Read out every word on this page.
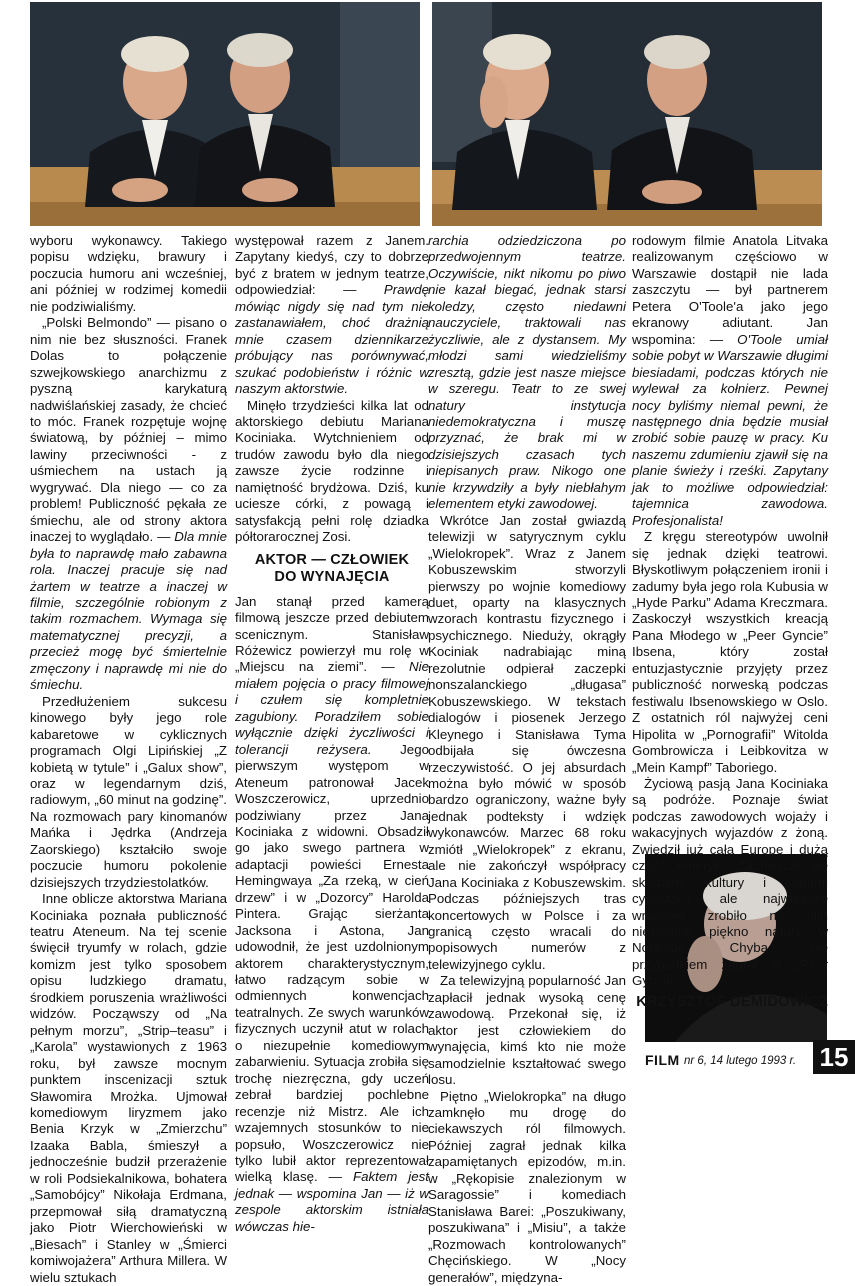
wyboru wykonawcy. Takiego popisu wdzięku, brawury i poczucia humoru ani wcześniej, ani później w rodzimej komedii nie podziwialiśmy.

„Polski Belmondo” — pisano o nim nie bez słuszności. Franek Dolas to połączenie szwejkowskiego anarchizmu z pyszną karykaturą nadwiślańskiej zasady, że chcieć to móc. Franek rozpętuje wojnę światową, by później – mimo lawiny przeciwności - z uśmiechem na ustach ją wygrywać. Dla niego — co za problem! Publiczność pękała ze śmiechu, ale od strony aktora inaczej to wyglądało. — Dla mnie była to naprawdę mało zabawna rola. Inaczej pracuje się nad żartem w teatrze a inaczej w filmie, szczególnie robionym z takim rozmachem. Wymaga się matematycznej precyzji, a przecież mogę być śmiertelnie zmęczony i naprawdę mi nie do śmiechu.

Przedłużeniem sukcesu kinowego były jego role kabaretowe w cyklicznych programach Olgi Lipińskiej „Z kobietą w tytule” i „Galux show”, oraz w legendarnym dziś, radiowym, „60 minut na godzinę”. Na rozmowach pary kinomanów Mańka i Jędrka (Andrzeja Zaorskiego) kształciło swoje poczucie humoru pokolenie dzisiejszych trzydziestolatków.

Inne oblicze aktorstwa Mariana Kociniaka poznała publiczność teatru Ateneum. Na tej scenie święcił tryumfy w rolach, gdzie komizm jest tylko sposobem opisu ludzkiego dramatu, środkiem poruszenia wrażliwości widzów. Począwszy od „Na pełnym morzu”, „Strip–teasu” i „Karola” wystawionych z 1963 roku, był zawsze mocnym punktem inscenizacji sztuk Sławomira Mrożka. Ujmował komediowym liryzmem jako Benia Krzyk w „Zmierzchu” Izaaka Babla, śmieszył a jednocześnie budził przerażenie w roli Podsiekalnikowa, bohatera „Samobójcy” Nikołaja Erdmana, przepmował siłą dramatyczną jako Piotr Wierchowieński w „Biesach” i Stanley w „Śmierci komiwojażera” Arthura Millera. W wielu sztukach

występował razem z Janem. Zapytany kiedyś, czy to dobrze być z bratem w jednym teatrze, odpowiedział: — Prawdę mówiąc nigdy się nad tym nie zastanawiałem, choć drażnią mnie czasem dziennikarze próbujący nas porównywać, szukać podobieństw i różnic w naszym aktorstwie.

Minęło trzydzieści kilka lat od aktorskiego debiutu Mariana Kociniaka. Wytchnieniem od trudów zawodu było dla niego zawsze życie rodzinne i namiętność brydżowa. Dziś, ku uciesze córki, z powagą i satysfakcją pełni rolę dziadka półtorarocznej Zosi.

AKTOR — CZŁOWIEK
DO WYNAJĘCIA

Jan stanął przed kamerą filmową jeszcze przed debiutem scenicznym. Stanisław Różewicz powierzył mu rolę w „Miejscu na ziemi”. — Nie miałem pojęcia o pracy filmowej i czułem się kompletnie zagubiony. Poradziłem sobie wyłącznie dzięki życzliwości i tolerancji reżysera. Jego pierwszym występom w Ateneum patronował Jacek Woszczerowicz, uprzednio podziwiany przez Jana Kociniaka z widowni. Obsadził go jako swego partnera w adaptacji powieści Ernesta Hemingwaya „Za rzeką, w cień drzew” i w „Dozorcy” Harolda Pintera. Grając sierżanta Jacksona i Astona, Jan udowodnił, że jest uzdolnionym aktorem charakterystycznym, łatwo radzącym sobie w odmiennych konwencjach teatralnych. Ze swych warunków fizycznych uczynił atut w rolach o niezupełnie komediowym zabarwieniu. Sytuacja zrobiła się trochę niezręczna, gdy uczeń zebrał bardziej pochlebne recenzje niż Mistrz. Ale ich wzajemnych stosunków to nie popsuło, Woszczerowicz nie tylko lubił aktor reprezentował wielką klasę. — Faktem jest jednak — wspomina Jan — iż w zespole aktorskim istniała wówczas hie-

rarchia odziedziczona po przedwojennym teatrze. Oczywiście, nikt nikomu po piwo nie kazał biegać, jednak starsi koledzy, często niedawni nauczyciele, traktowali nas życzliwie, ale z dystansem. My młodzi sami wiedzieliśmy zresztą, gdzie jest nasze miejsce w szeregu. Teatr to ze swej natury instytucja niedemokratyczna i muszę przyznać, że brak mi w dzisiejszych czasach tych niepisanych praw. Nikogo one nie krzywdziły a były niebłahym elementem etyki zawodowej.

Wkrótce Jan został gwiazdą telewizji w satyrycznym cyklu „Wielokropek”. Wraz z Janem Kobuszewskim stworzyli pierwszy po wojnie komediowy duet, oparty na klasycznych wzorach kontrastu fizycznego i psychicznego. Nieduży, okrągły Kociniak nadrabiając miną rezolutnie odpierał zaczepki nonszalanckiego „długasa” Kobuszewskiego. W tekstach dialogów i piosenek Jerzego Kleynego i Stanisława Tyma odbijała się ówczesna rzeczywistość. O jej absurdach można było mówić w sposób bardzo ograniczony, ważne były jednak podteksty i wdzięk wykonawców. Marzec 68 roku zmiótł „Wielokropek” z ekranu, ale nie zakończył współpracy Jana Kociniaka z Kobuszewskim. Podczas późniejszych tras koncertowych w Polsce i za granicą często wracali do popisowych numerów z telewizyjnego cyklu.

Za telewizyjną popularność Jan zapłacił jednak wysoką cenę zawodową. Przekonał się, iż aktor jest człowiekiem do wynajęcia, kimś kto nie może samodzielnie kształtować swego losu.

Piętno „Wielokropka” na długo zamknęło mu drogę do ciekawszych ról filmowych. Później zagrał jednak kilka zapamiętanych epizodów, m.in. w „Rękopisie znalezionym w Saragossie” i komediach Stanisława Barei: „Poszukiwany, poszukiwana” i „Misiu”, a także „Rozmowach kontrolowanych” Chęcińskiego. W „Nocy generałów”, międzyna-

rodowym filmie Anatola Litvaka realizowanym częściowo w Warszawie dostąpił nie lada zaszczytu — był partnerem Petera O'Toole'a jako jego ekranowy adiutant. Jan wspomina: — O'Toole umiał sobie pobyt w Warszawie długimi biesiadami, podczas których nie wylewał za kołnierz. Pewnej nocy byliśmy niemal pewni, że następnego dnia będzie musiał zrobić sobie pauzę w pracy. Ku naszemu zdumieniu zjawił się na planie świeży i rześki. Zapytany jak to możliwe odpowiedział: tajemnica zawodowa. Profesjonalista!

Z kręgu stereotypów uwolnił się jednak dzięki teatrowi. Błyskotliwym połączeniem ironii i zadumy była jego rola Kubusia w „Hyde Parku” Adama Kreczmara. Zaskoczył wszystkich kreacją Pana Młodego w „Peer Gyncie” Ibsena, który został entuzjastycznie przyjęty przez publiczność norweską podczas festiwalu Ibsenowskiego w Oslo. Z ostatnich ról najwyżej ceni Hipolita w „Pornografii” Witolda Gombrowicza i Leibkovitza w „Mein Kampf” Taboriego.

Życiową pasją Jana Kociniaka są podróże. Poznaje świat podczas zawodowych wojaży i wakacyjnych wyjazdów z żoną. Zwiedził już całą Europę i dużą część Ameryki. Zachwycał się skarbami kultury i cudami cywilizacji, ale największe wrażenie zrobiło na nim niezłomne piękno natury w Norwegii. Chyba nie przypadkiem zagrał w „Peer Gyncie”.

KRZYSZTOF DEMIDOWICZ
FILM nr 6, 14 lutego 1993 r. 15
